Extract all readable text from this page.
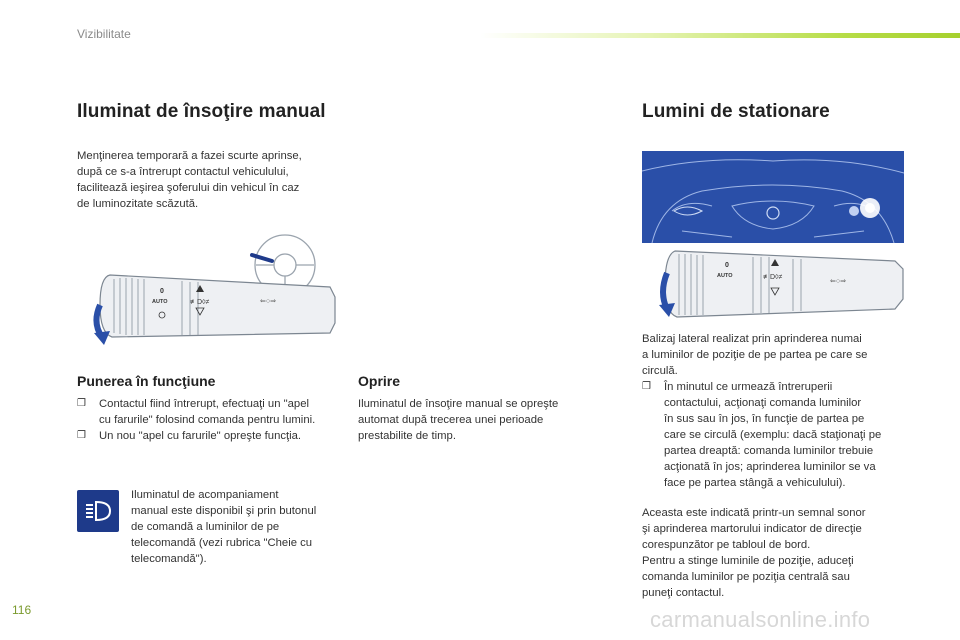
Vizibilitate
Iluminat de însoţire manual

Menţinerea temporară a fazei scurte aprinse,
după ce s-a întrerupt contactul vehiculului,
facilitează ieşirea şoferului din vehicul în caz
de luminozitate scăzută.

0
AUTO	≢D◊≠	⇐○⇒
Punerea în funcţiune
❒ Contactul fiind întrerupt, efectuaţi un "apel
cu farurile" folosind comanda pentru lumini.
❒ Un nou "apel cu farurile" opreşte funcţia.
Oprire

Iluminatul de însoţire manual se opreşte
automat după trecerea unei perioade
prestabilite de timp.

Iluminatul de acompaniament
manual este disponibil şi prin butonul
de comandă a luminilor de pe
telecomandă (vezi rubrica "Cheie cu
telecomandă").

Lumini de stationare
0
AUTO	≢D◊≠
⇐○⇒

Balizaj lateral realizat prin aprinderea numai
a luminilor de poziţie de pe partea pe care se
circulă.

❒ În minutul ce urmează întreruperii
contactului, acţionaţi comanda luminilor
în sus sau în jos, în funcţie de partea pe
care se circulă (exemplu: dacă staţionaţi pe
partea dreaptă: comanda luminilor trebuie
acţionată în jos; aprinderea luminilor se va
face pe partea stângă a vehiculului).

Aceasta este indicată printr-un semnal sonor
şi aprinderea martorului indicator de direcţie
corespunzător pe tabloul de bord.
Pentru a stinge luminile de poziţie, aduceţi
comanda luminilor pe poziţia centrală sau
puneţi contactul.

116	carmanualsonline.info
